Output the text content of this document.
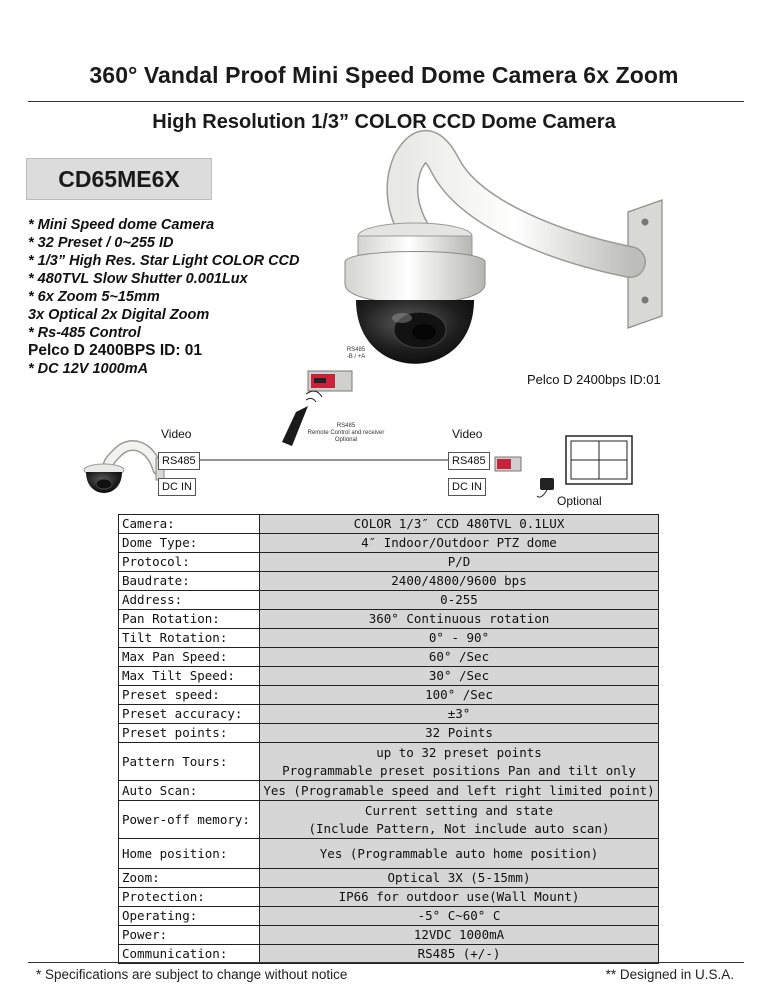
360° Vandal Proof Mini Speed Dome Camera 6x Zoom
High Resolution 1/3” COLOR CCD Dome Camera
CD65ME6X
* Mini Speed dome Camera
* 32 Preset / 0~255 ID
* 1/3” High Res. Star Light COLOR CCD
* 480TVL Slow Shutter 0.001Lux
* 6x Zoom 5~15mm
3x Optical 2x Digital Zoom
* Rs-485 Control
Pelco D 2400BPS ID: 01
* DC 12V 1000mA
RS485
-B / +A
Pelco D 2400bps ID:01
RS485
Remote Control and receiver
Optional
Video	Video
RS485	RS485
DC IN	DC IN
Optional
Camera:	COLOR 1/3″ CCD 480TVL 0.1LUX
Dome Type:	4″ Indoor/Outdoor PTZ dome
Protocol:	P/D
Baudrate:	2400/4800/9600 bps
Address:	0-255
Pan Rotation:	360° Continuous rotation
Tilt Rotation:	0° - 90°
Max Pan Speed:	60° /Sec
Max Tilt Speed:	30° /Sec
Preset speed:	100° /Sec
Preset accuracy:	±3°
Preset points:	32 Points
Pattern Tours:	up to 32 preset points
Programmable preset positions Pan and tilt only

Auto Scan:	Yes (Programable speed and left right limited point)
Power-off memory:	Current setting and state
(Include Pattern, Not include auto scan)

Home position:	Yes (Programmable auto home position)
Zoom:	Optical 3X (5-15mm)
Protection:	IP66 for outdoor use(Wall Mount)
Operating:	-5° C~60° C
Power:	12VDC 1000mA
Communication:	RS485 (+/-)
* Specifications are subject to change without notice	** Designed in U.S.A.
